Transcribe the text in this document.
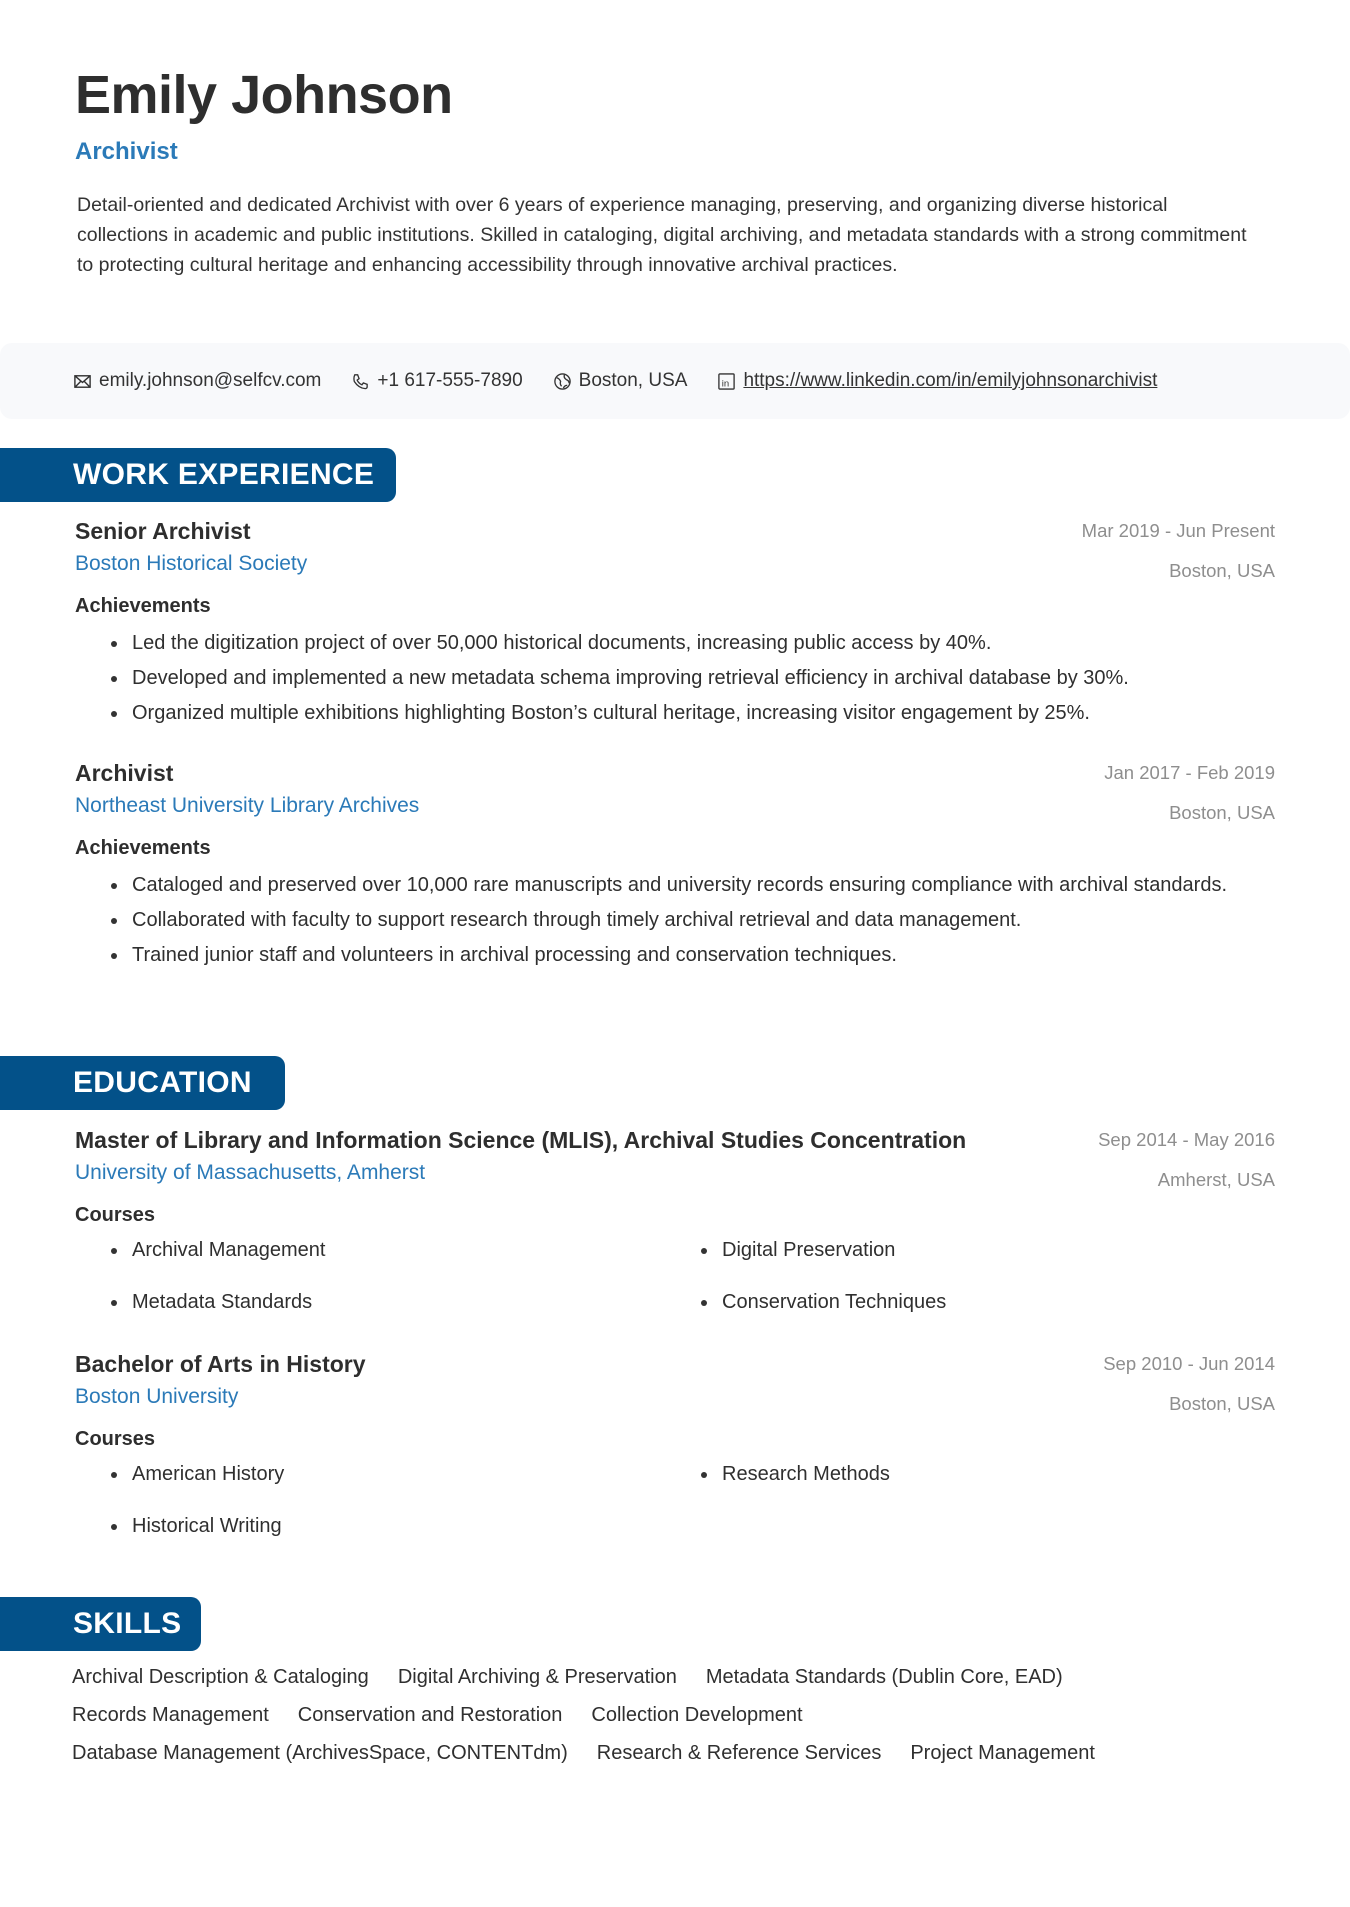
Emily Johnson
Archivist

Detail-oriented and dedicated Archivist with over 6 years of experience managing, preserving, and organizing diverse historical collections in academic and public institutions. Skilled in cataloging, digital archiving, and metadata standards with a strong commitment to protecting cultural heritage and enhancing accessibility through innovative archival practices.

emily.johnson@selfcv.com	+1 617-555-7890	Boston, USA	in https://www.linkedin.com/in/emilyjohnsonarchivist
WORK EXPERIENCE
Senior Archivist
Boston Historical Society
Mar 2019 - Jun Present
Boston, USA
Achievements
Led the digitization project of over 50,000 historical documents, increasing public access by 40%.
Developed and implemented a new metadata schema improving retrieval efficiency in archival database by 30%.
Organized multiple exhibitions highlighting Boston’s cultural heritage, increasing visitor engagement by 25%.
Archivist
Northeast University Library Archives
Jan 2017 - Feb 2019
Boston, USA
Achievements
Cataloged and preserved over 10,000 rare manuscripts and university records ensuring compliance with archival standards.
Collaborated with faculty to support research through timely archival retrieval and data management.
Trained junior staff and volunteers in archival processing and conservation techniques.
EDUCATION
Master of Library and Information Science (MLIS), Archival Studies Concentration
University of Massachusetts, Amherst
Sep 2014 - May 2016
Amherst, USA
Courses
Archival Management	Digital Preservation
Metadata Standards	Conservation Techniques
Bachelor of Arts in History
Boston University
Sep 2010 - Jun 2014
Boston, USA
Courses
American History	Research Methods
Historical Writing
SKILLS
Archival Description & Cataloging Digital Archiving & Preservation Metadata Standards (Dublin Core, EAD)
Records Management Conservation and Restoration Collection Development
Database Management (ArchivesSpace, CONTENTdm) Research & Reference Services Project Management
